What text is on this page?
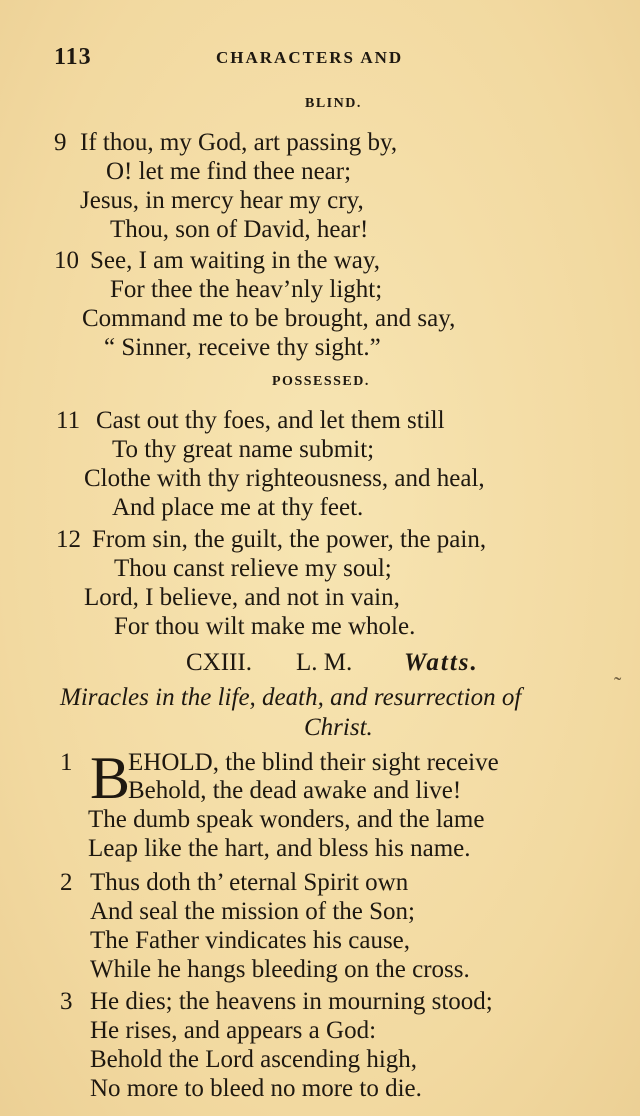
113	CHARACTERS AND
BLIND.
9 If thou, my God, art passing by,
O! let me find thee near;
Jesus, in mercy hear my cry,
Thou, son of David, hear!
10 See, I am waiting in the way,
For thee the heav’nly light;
Command me to be brought, and say,
“ Sinner, receive thy sight.”
POSSESSED.
11 Cast out thy foes, and let them still
To thy great name submit;
Clothe with thy righteousness, and heal,
And place me at thy feet.
12 From sin, the guilt, the power, the pain,
Thou canst relieve my soul;
Lord, I believe, and not in vain,
For thou wilt make me whole.
CXIII. L. M. Watts.
Miracles in the life, death, and resurrection of
Christ.
1 B
EHOLD, the blind their sight receive
Behold, the dead awake and live!
The dumb speak wonders, and the lame
Leap like the hart, and bless his name.
2 Thus doth th’ eternal Spirit own
And seal the mission of the Son;
The Father vindicates his cause,
While he hangs bleeding on the cross.
3 He dies; the heavens in mourning stood;
He rises, and appears a God:
Behold the Lord ascending high,
No more to bleed no more to die.
˜
